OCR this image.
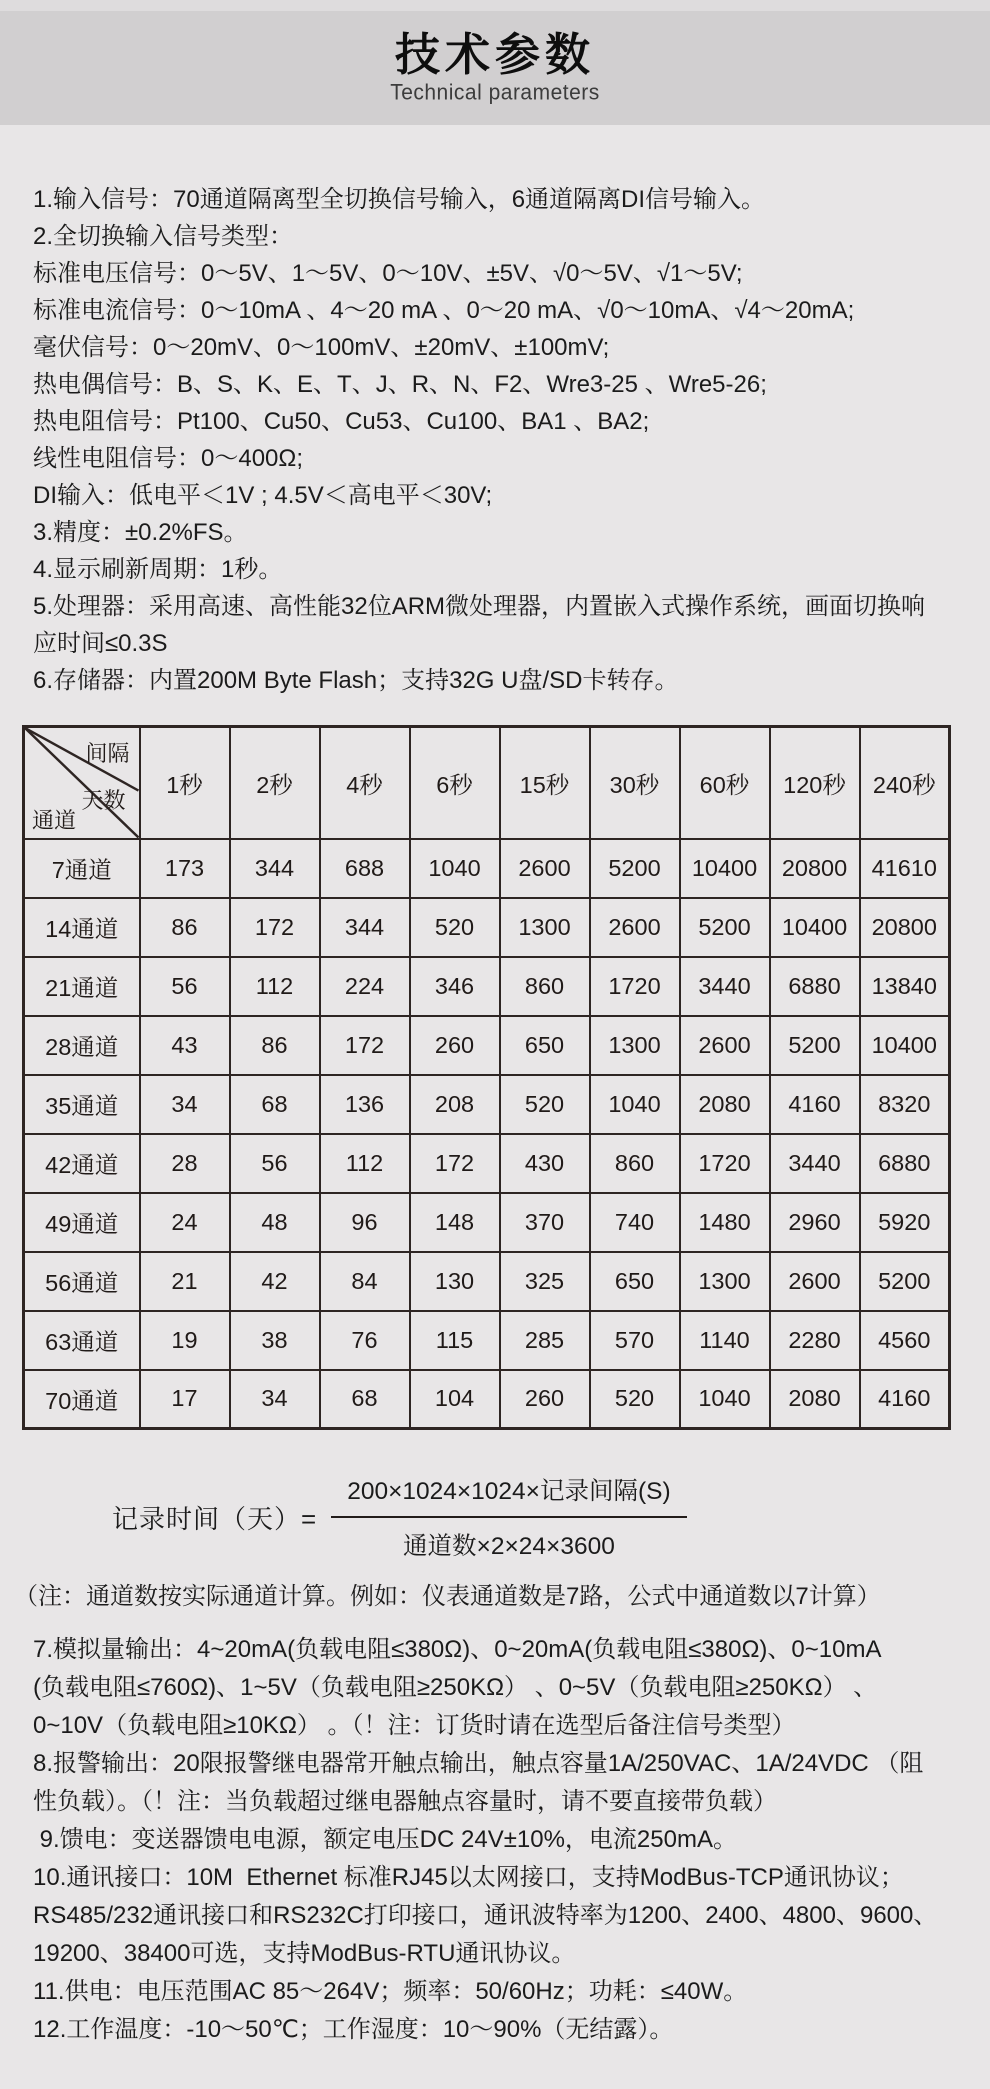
技术参数
Technical parameters
1.输入信号：70通道隔离型全切换信号输入，6通道隔离DI信号输入。
2.全切换输入信号类型：
标准电压信号：0～5V、1～5V、0～10V、±5V、√0～5V、√1～5V;
标准电流信号：0～10mA 、4～20 mA 、0～20 mA、√0～10mA、√4～20mA;
毫伏信号：0～20mV、0～100mV、±20mV、±100mV;
热电偶信号：B、S、K、E、T、J、R、N、F2、Wre3-25 、Wre5-26;
热电阻信号：Pt100、Cu50、Cu53、Cu100、BA1 、BA2;
线性电阻信号：0～400Ω;
DI输入：低电平＜1V ; 4.5V＜高电平＜30V;
3.精度：±0.2%FS。
4.显示刷新周期：1秒。
5.处理器：采用高速、高性能32位ARM微处理器，内置嵌入式操作系统，画面切换响
应时间≤0.3S
6.存储器：内置200M Byte Flash；支持32G U盘/SD卡转存。
间隔
天数
通道	1秒	2秒	4秒	6秒	15秒	30秒	60秒	120秒	240秒
7通道	173	344	688	1040	2600	5200	10400	20800	41610
14通道	86	172	344	520	1300	2600	5200	10400	20800
21通道	56	112	224	346	860	1720	3440	6880	13840
28通道	43	86	172	260	650	1300	2600	5200	10400
35通道	34	68	136	208	520	1040	2080	4160	8320
42通道	28	56	112	172	430	860	1720	3440	6880
49通道	24	48	96	148	370	740	1480	2960	5920
56通道	21	42	84	130	325	650	1300	2600	5200
63通道	19	38	76	115	285	570	1140	2280	4560
70通道	17	34	68	104	260	520	1040	2080	4160
记录时间（天）= $\frac{\text{200×1024×1024×记录间隔(S)}}{\text{通道数×2×24×3600}}$
（注：通道数按实际通道计算。例如：仪表通道数是7路，公式中通道数以7计算）
7.模拟量输出：4~20mA(负载电阻≤380Ω)、0~20mA(负载电阻≤380Ω)、0~10mA
(负载电阻≤760Ω)、1~5V（负载电阻≥250KΩ） 、0~5V（负载电阻≥250KΩ） 、
0~10V（负载电阻≥10KΩ） 。（！注：订货时请在选型后备注信号类型）
8.报警输出：20限报警继电器常开触点输出，触点容量1A/250VAC、1A/24VDC （阻
性负载）。（！注：当负载超过继电器触点容量时，请不要直接带负载）
9.馈电：变送器馈电电源，额定电压DC 24V±10%，电流250mA。
10.通讯接口：10M  Ethernet 标准RJ45以太网接口，支持ModBus-TCP通讯协议；
RS485/232通讯接口和RS232C打印接口，通讯波特率为1200、2400、4800、9600、
19200、38400可选，支持ModBus-RTU通讯协议。
11.供电：电压范围AC 85～264V；频率：50/60Hz；功耗：≤40W。
12.工作温度：-10～50℃；工作湿度：10～90%（无结露）。
